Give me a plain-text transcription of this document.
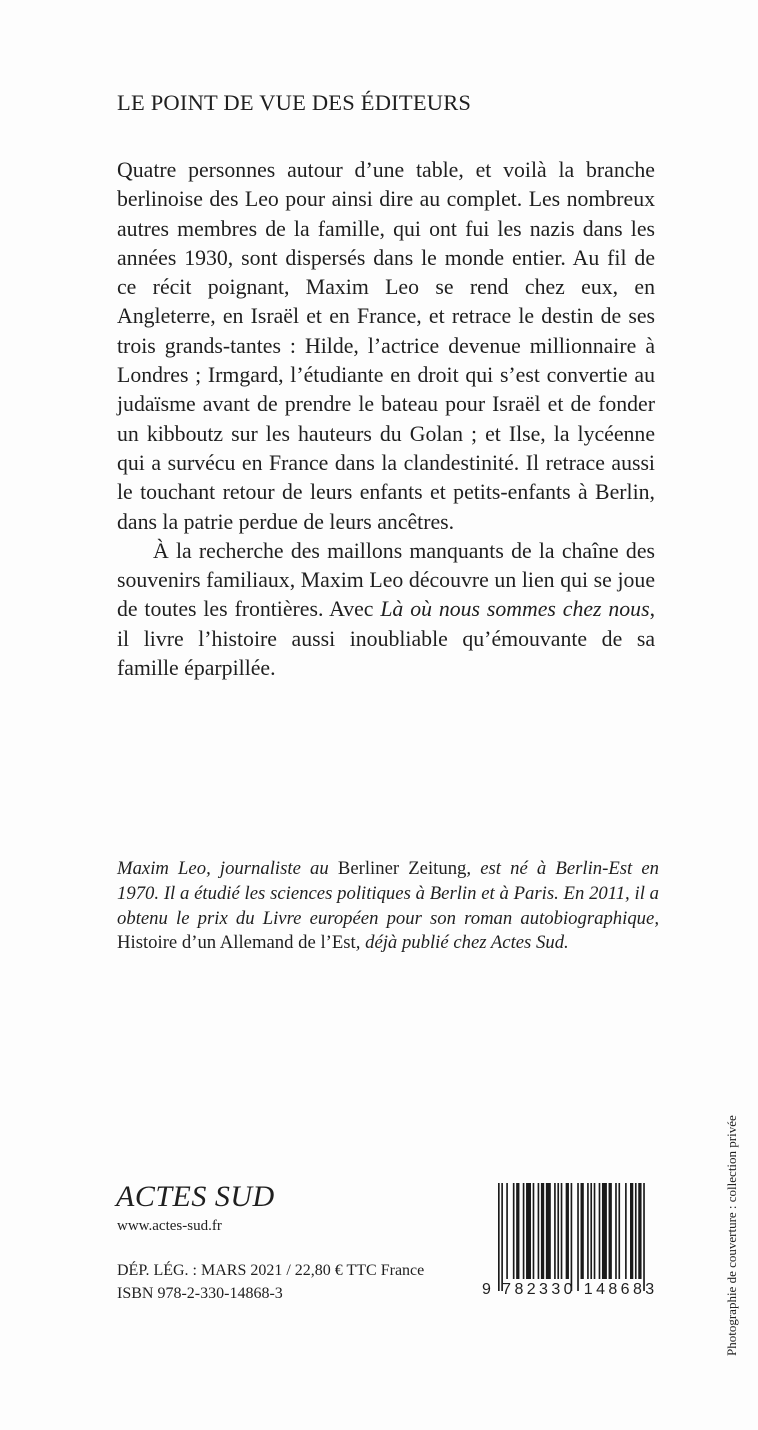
LE POINT DE VUE DES ÉDITEURS

Quatre personnes autour d’une table, et voilà la branche berlinoise des Leo pour ainsi dire au complet. Les nombreux autres membres de la famille, qui ont fui les nazis dans les années 1930, sont dispersés dans le monde entier. Au fil de ce récit poignant, Maxim Leo se rend chez eux, en Angleterre, en Israël et en France, et retrace le destin de ses trois grands-tantes : Hilde, l’actrice devenue millionnaire à Londres ; Irmgard, l’étudiante en droit qui s’est convertie au judaïsme avant de prendre le bateau pour Israël et de fonder un kibboutz sur les hauteurs du Golan ; et Ilse, la lycéenne qui a survécu en France dans la clandestinité. Il retrace aussi le touchant retour de leurs enfants et petits-enfants à Berlin, dans la patrie perdue de leurs ancêtres.

À la recherche des maillons manquants de la chaîne des souvenirs familiaux, Maxim Leo découvre un lien qui se joue de toutes les frontières. Avec Là où nous sommes chez nous, il livre l’histoire aussi inoubliable qu’émouvante de sa famille éparpillée.

Maxim Leo, journaliste au Berliner Zeitung, est né à Berlin-Est en 1970. Il a étudié les sciences politiques à Berlin et à Paris. En 2011, il a obtenu le prix du Livre européen pour son roman autobiographique, Histoire d’un Allemand de l’Est, déjà publié chez Actes Sud.
ACTES SUD
www.actes-sud.fr
DÉP. LÉG. : MARS 2021 / 22,80 € TTC France
ISBN 978-2-330-14868-3	9 782330 148683	Photographie de couverture : collection privée
